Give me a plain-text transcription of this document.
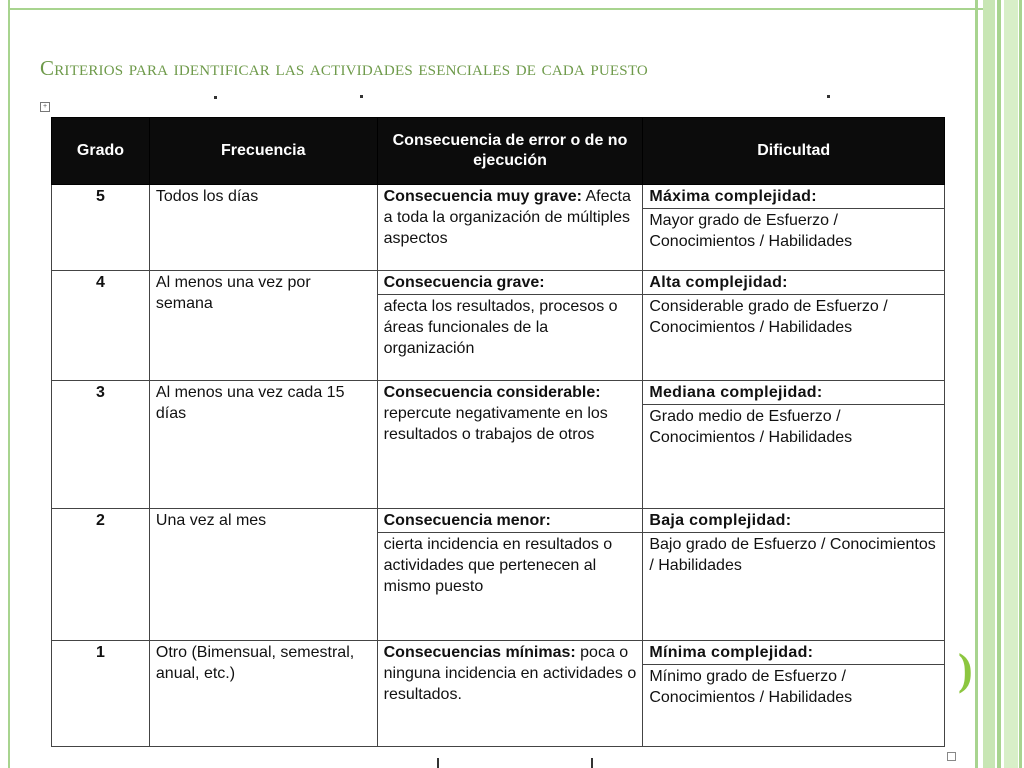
)
Criterios para identificar las actividades esenciales de cada puesto
+
Grado	Frecuencia	Consecuencia de error o de no ejecución	Dificultad
5	Todos los días	Consecuencia muy grave: Afecta a toda la organización de múltiples aspectos	Máxima complejidad:
			Mayor grado de Esfuerzo / Conocimientos / Habilidades
4	Al menos una vez por semana	Consecuencia grave:	Alta complejidad:
		afecta los resultados, procesos o áreas funcionales de la organización	Considerable grado de Esfuerzo / Conocimientos / Habilidades
3	Al menos una vez cada 15 días	Consecuencia considerable: repercute negativamente en los resultados o trabajos de otros	Mediana complejidad:
			Grado medio de Esfuerzo / Conocimientos / Habilidades
2	Una vez al mes	Consecuencia menor:	Baja complejidad:
		cierta incidencia en resultados o actividades que pertenecen al mismo puesto	Bajo grado de Esfuerzo / Conocimientos / Habilidades
1	Otro (Bimensual, semestral, anual, etc.)	Consecuencias mínimas: poca o ninguna incidencia en actividades o resultados.	Mínima complejidad:
			Mínimo grado de Esfuerzo / Conocimientos / Habilidades
